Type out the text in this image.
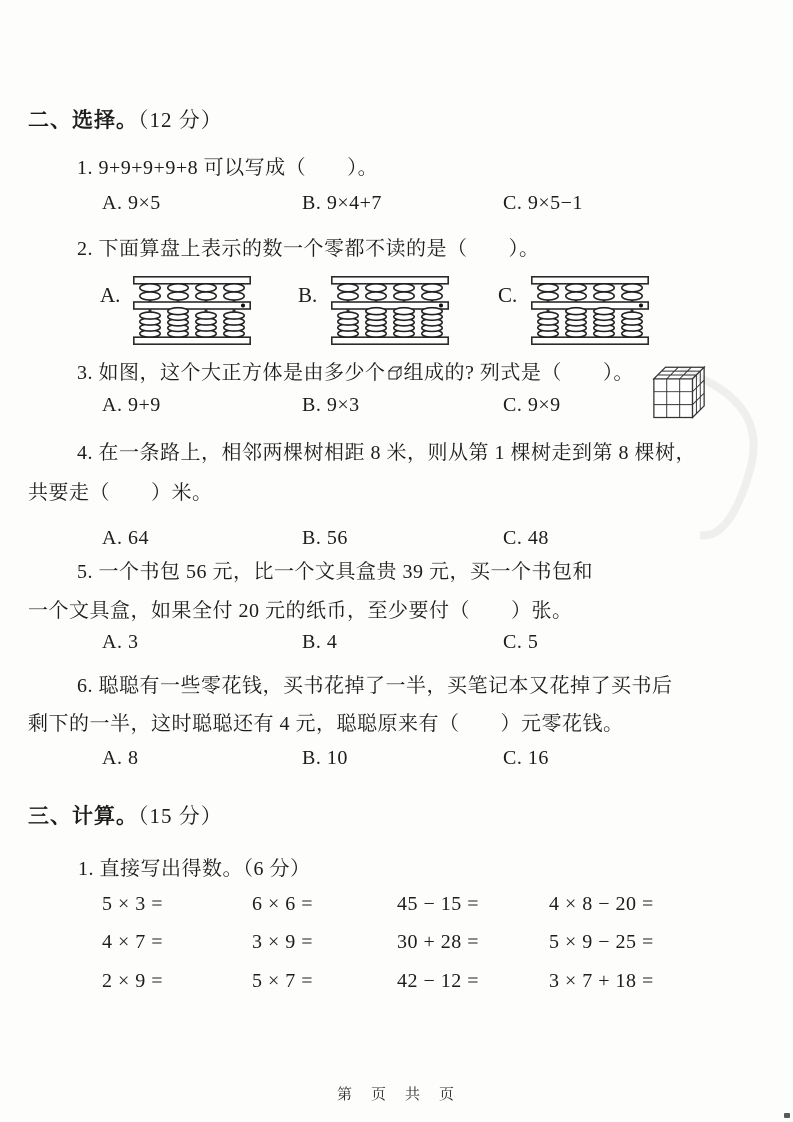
二、选择。（12 分）
1. 9+9+9+9+8 可以写成（　　）。
A. 9×5	B. 9×4+7	C. 9×5−1
2. 下面算盘上表示的数一个零都不读的是（　　）。
A.	B.	C.
3. 如图，这个大正方体是由多少个 组成的? 列式是（　　）。
A. 9+9	B. 9×3	C. 9×9
4. 在一条路上，相邻两棵树相距 8 米，则从第 1 棵树走到第 8 棵树，
共要走（　　）米。
A. 64	B. 56	C. 48
5. 一个书包 56 元，比一个文具盒贵 39 元，买一个书包和
一个文具盒，如果全付 20 元的纸币，至少要付（　　）张。
A. 3	B. 4	C. 5
6. 聪聪有一些零花钱，买书花掉了一半，买笔记本又花掉了买书后
剩下的一半，这时聪聪还有 4 元，聪聪原来有（　　）元零花钱。
A. 8	B. 10	C. 16
三、计算。（15 分）
1. 直接写出得数。（6 分）
5 × 3 =	6 × 6 =	45 − 15 =	4 × 8 − 20 =
4 × 7 =	3 × 9 =	30 + 28 =	5 × 9 − 25 =
2 × 9 =	5 × 7 =	42 − 12 =	3 × 7 + 18 =
第　页　共　页
